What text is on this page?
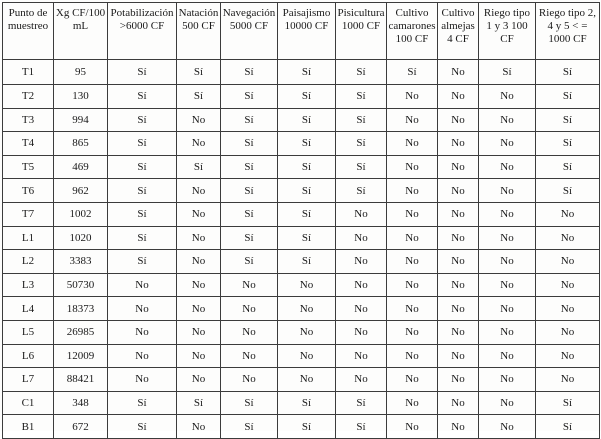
Punto de muestreo	Xg CF/100 mL	Potabilización >6000 CF	Natación 500 CF	Navegación 5000 CF	Paisajismo 10000 CF	Pisicultura 1000 CF	Cultivo camarones 100 CF	Cultivo almejas 4 CF	Riego tipo 1 y 3 100 CF	Riego tipo 2, 4 y 5 < = 1000 CF
T1	95	Sí	Sí	Sí	Sí	Sí	Sí	No	Sí	Sí
T2	130	Sí	Sí	Sí	Sí	Sí	No	No	No	Sí
T3	994	Sí	No	Sí	Sí	Sí	No	No	No	Sí
T4	865	Sí	No	Sí	Sí	Sí	No	No	No	Sí
T5	469	Sí	Sí	Sí	Sí	Sí	No	No	No	Sí
T6	962	Sí	No	Sí	Sí	Sí	No	No	No	Sí
T7	1002	Sí	No	Sí	Sí	No	No	No	No	No
L1	1020	Sí	No	Sí	Sí	No	No	No	No	No
L2	3383	Sí	No	Sí	Sí	No	No	No	No	No
L3	50730	No	No	No	No	No	No	No	No	No
L4	18373	No	No	No	No	No	No	No	No	No
L5	26985	No	No	No	No	No	No	No	No	No
L6	12009	No	No	No	No	No	No	No	No	No
L7	88421	No	No	No	No	No	No	No	No	No
C1	348	Sí	Sí	Sí	Sí	Sí	No	No	No	Sí
B1	672	Sí	No	Sí	Sí	Sí	No	No	No	Sí
